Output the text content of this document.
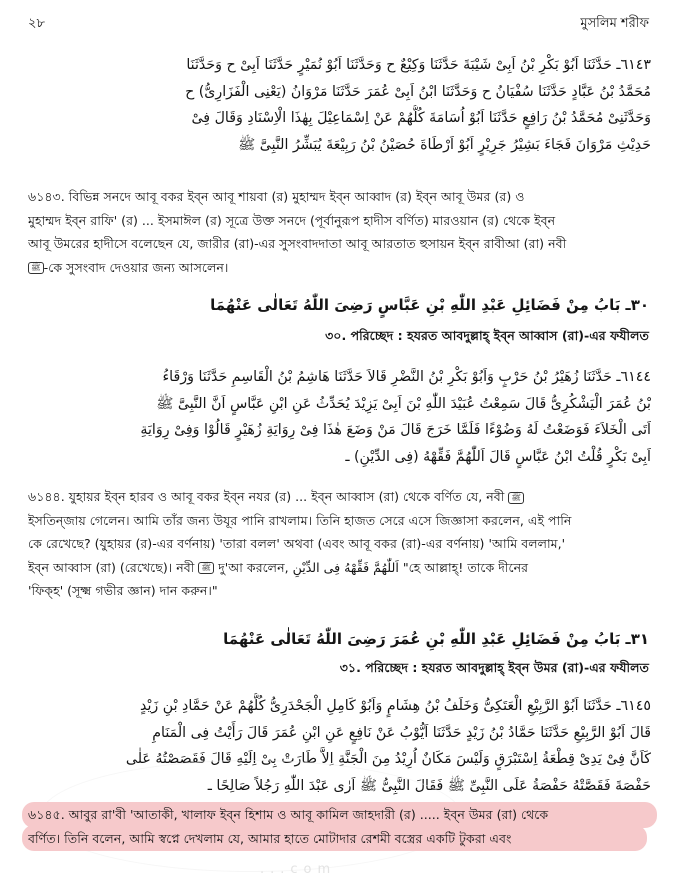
২৮	মুসলিম শরীফ
٦١٤٣ـ حَدَّثَنَا اَبُوْ بَكْرِ بْنُ اَبِىْ شَيْبَةَ حَدَّثَنَا وَكِيْعٌ ح وَحَدَّثَنَا اَبُوْ نُمَيْرٍ حَدَّثَنَا اَبِىْ ح وَحَدَّثَنَا
مُحَمَّدُ بْنُ عَبَّادٍ حَدَّثَنَا سُفْيَانُ ح وَحَدَّثَنَا ابْنُ اَبِىْ عُمَرَ حَدَّثَنَا مَرْوَانُ (يَعْنِى الْفَزَارِىُّ) ح
وَحَدَّثَنِىْ مُحَمَّدُ بْنُ رَافِعٍ حَدَّثَنَا اَبُوْ اُسَامَةَ كُلُّهُمْ عَنْ اِسْمَاعِيْلَ بِهٰذَا الْاِسْنَادِ وَقَالَ فِىْ
حَدِيْثِ مَرْوَانَ فَجَاءَ بَشِيْرُ جَرِيْرٍ اَبُوْ اَرْطَاةَ حُصَيْنُ بْنُ رَبِيْعَةَ يُبَشِّرُ النَّبِىَّ ﷺ
৬১৪৩. বিভিন্ন সনদে আবূ বকর ইব্‌ন আবূ শায়বা (র) মুহাম্মদ ইব্‌ন আব্বাদ (র) ইব্‌ন আবূ উমর (র) ও
মুহাম্মদ ইব্‌ন রাফি' (র) ... ইসমাঈল (র) সূত্রে উক্ত সনদে (পূর্বানুরূপ হাদীস বর্ণিত) মারওয়ান (র) থেকে ইব্‌ন
আবূ উমরের হাদীসে বলেছেন যে, জারীর (রা)-এর সুসংবাদদাতা আবূ আরতাত হুসায়ন ইব্‌ন রাবীআ (রা) নবী
ﷺ -কে সুসংবাদ দেওয়ার জন্য আসলেন।
٣٠ـ بَابُ مِنْ فَضَائِلِ عَبْدِ اللّٰهِ بْنِ عَبَّاسٍ رَضِىَ اللّٰهُ تَعَالٰى عَنْهُمَا
৩০. পরিচ্ছেদ : হযরত আবদুল্লাহ্ ইব্‌ন আব্বাস (রা)-এর ফযীলত
٦١٤٤ـ حَدَّثَنَا زُهَيْرُ بْنُ حَرْبٍ وَاَبُوْ بَكْرِ بْنُ النَّضْرِ قَالاَ حَدَّثَنَا هَاشِمُ بْنُ الْقَاسِمِ حَدَّثَنَا وَرْقَاءُ
بْنُ عُمَرَ الْيَشْكُرِىُّ قَالَ سَمِعْتُ عُبَيْدَ اللّٰهِ بْنَ اَبِىْ يَزِيْدَ يُحَدِّثُ عَنِ ابْنِ عَبَّاسٍ اَنَّ النَّبِىَّ ﷺ
اَتَى الْخَلاَءَ فَوَضَعْتُ لَهُ وَضُوْءًا فَلَمَّا خَرَجَ قَالَ مَنْ وَضَعَ هٰذَا فِىْ رِوَايَةِ زُهَيْرٍ قَالُوْا وَفِىْ رِوَايَةِ
اَبِىْ بَكْرٍ قُلْتُ ابْنُ عَبَّاسٍ قَالَ اَللّٰهُمَّ فَقِّهْهُ (فِى الدِّيْنِ) ـ
৬১৪৪. যুহায়র ইব্‌ন হারব ও আবূ বকর ইব্‌ন নযর (র) ... ইব্‌ন আব্বাস (রা) থেকে বর্ণিত যে, নবী ﷺ
ইসতিন্‌জায় গেলেন। আমি তাঁর জন্য উযূর পানি রাখলাম। তিনি হাজত সেরে এসে জিজ্ঞাসা করলেন, এই পানি
কে রেখেছে? (যুহায়র (র)-এর বর্ণনায়) 'তারা বলল' অথবা (এবং আবূ বকর (রা)-এর বর্ণনায়) 'আমি বললাম,'
ইব্‌ন আব্বাস (রা) (রেখেছে)। নবী ﷺ দু'আ করলেন, اَللّٰهُمَّ فَقِّهْهُ فِى الدِّيْنِ "হে আল্লাহ্! তাকে দীনের
'ফিক্‌হ' (সূক্ষ্ম গভীর জ্ঞান) দান করুন।"
٣١ـ بَابُ مِنْ فَضَائِلِ عَبْدِ اللّٰهِ بْنِ عُمَرَ رَضِىَ اللّٰهُ تَعَالٰى عَنْهُمَا
৩১. পরিচ্ছেদ : হযরত আবদুল্লাহ্ ইব্‌ন উমর (রা)-এর ফযীলত
٦١٤٥ـ حَدَّثَنَا اَبُوْ الرَّبِيْعِ الْعَتَكِىُّ وَخَلَفُ بْنُ هِشَامٍ وَاَبُوْ كَامِلِ الْجَحْدَرِىُّ كُلُّهُمْ عَنْ حَمَّادِ بْنِ زَيْدٍ
قَالَ اَبُوْ الرَّبِيْعِ حَدَّثَنَا حَمَّادُ بْنُ زَيْدٍ حَدَّثَنَا اَيُّوْبُ عَنْ نَافِعٍ عَنِ ابْنِ عُمَرَ قَالَ رَأَيْتُ فِى الْمَنَامِ
كَاَنَّ فِىْ يَدِىْ قِطْعَةُ اِسْتَبْرَقٍ وَلَيْسَ مَكَانٌ اُرِيْدُ مِنَ الْجَنَّةِ اِلاَّ طَارَتْ بِىْ اِلَيْهِ قَالَ فَقَصَصْتُهُ عَلٰى
حَفْصَةَ فَقَصَّتْهُ حَفْصَةُ عَلَى النَّبِىِّ ﷺ فَقَالَ النَّبِىُّ ﷺ اَرٰى عَبْدَ اللّٰهِ رَجُلاً صَالِحًا ـ
৬১৪৫. আবুর রা'বী 'আতাকী, খালাফ ইব্‌ন হিশাম ও আবূ কামিল জাহদারী (র) ..... ইব্‌ন উমর (রা) থেকে
বর্ণিত। তিনি বলেন, আমি স্বপ্নে দেখলাম যে, আমার হাতে মোটাদার রেশমী বস্ত্রের একটি টুকরা এবং
...com
